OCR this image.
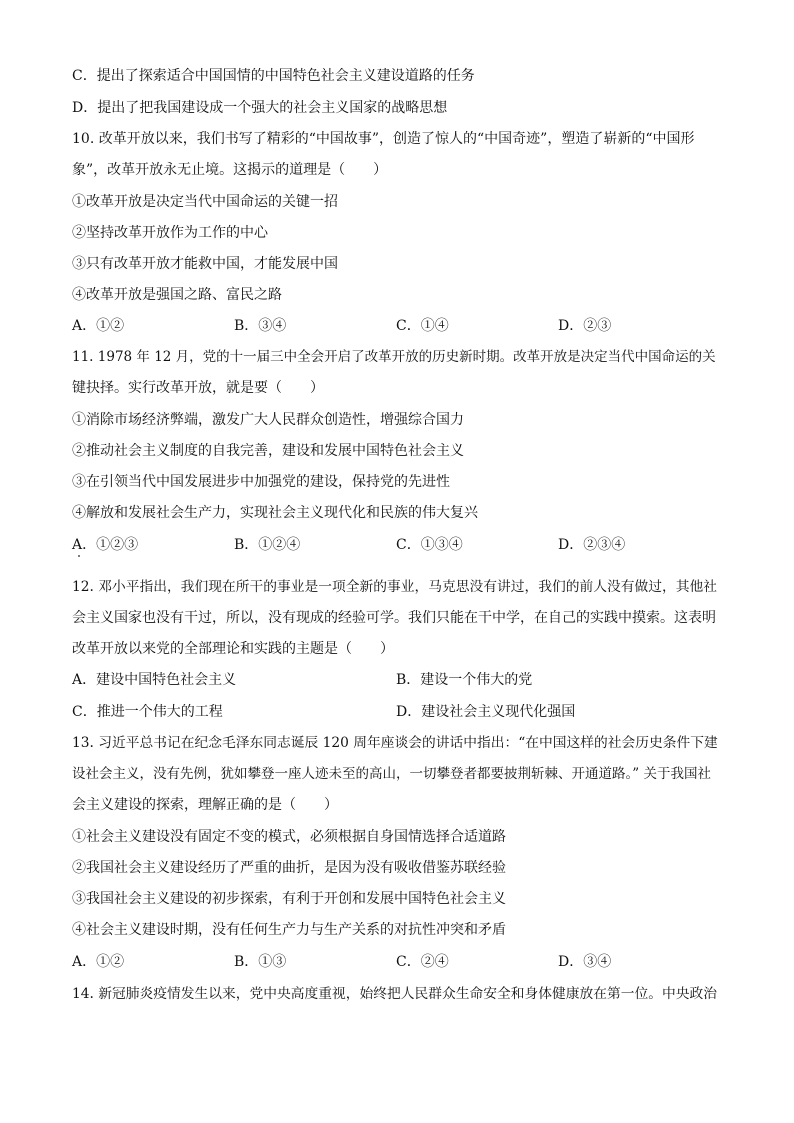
C．提出了探索适合中国国情的中国特色社会主义建设道路的任务
D．提出了把我国建设成一个强大的社会主义国家的战略思想
10. 改革开放以来，我们书写了精彩的“中国故事”，创造了惊人的“中国奇迹”，塑造了崭新的“中国形
象”，改革开放永无止境。这揭示的道理是（　　）
①改革开放是决定当代中国命运的关键一招
②坚持改革开放作为工作的中心
③只有改革开放才能救中国，才能发展中国
④改革开放是强国之路、富民之路
A．①②	B．③④	C．①④	D．②③
11. 1978 年 12 月，党的十一届三中全会开启了改革开放的历史新时期。改革开放是决定当代中国命运的关
键抉择。实行改革开放，就是要（　　）
①消除市场经济弊端，激发广大人民群众创造性，增强综合国力
②推动社会主义制度的自我完善，建设和发展中国特色社会主义
③在引领当代中国发展进步中加强党的建设，保持党的先进性
④解放和发展社会生产力，实现社会主义现代化和民族的伟大复兴
A．①②③	B．①②④	C．①③④	D．②③④
12. 邓小平指出，我们现在所干的事业是一项全新的事业，马克思没有讲过，我们的前人没有做过，其他社
会主义国家也没有干过，所以，没有现成的经验可学。我们只能在干中学，在自己的实践中摸索。这表明
改革开放以来党的全部理论和实践的主题是（　　）
A．建设中国特色社会主义	B．建设一个伟大的党
C．推进一个伟大的工程	D．建设社会主义现代化强国
13. 习近平总书记在纪念毛泽东同志诞辰 120 周年座谈会的讲话中指出：“在中国这样的社会历史条件下建
设社会主义，没有先例，犹如攀登一座人迹未至的高山，一切攀登者都要披荆斩棘、开通道路。” 关于我国社
会主义建设的探索，理解正确的是（　　）
①社会主义建设没有固定不变的模式，必须根据自身国情选择合适道路
②我国社会主义建设经历了严重的曲折，是因为没有吸收借鉴苏联经验
③我国社会主义建设的初步探索，有利于开创和发展中国特色社会主义
④社会主义建设时期，没有任何生产力与生产关系的对抗性冲突和矛盾
A．①②	B．①③	C．②④	D．③④
14. 新冠肺炎疫情发生以来，党中央高度重视，始终把人民群众生命安全和身体健康放在第一位。中央政治
